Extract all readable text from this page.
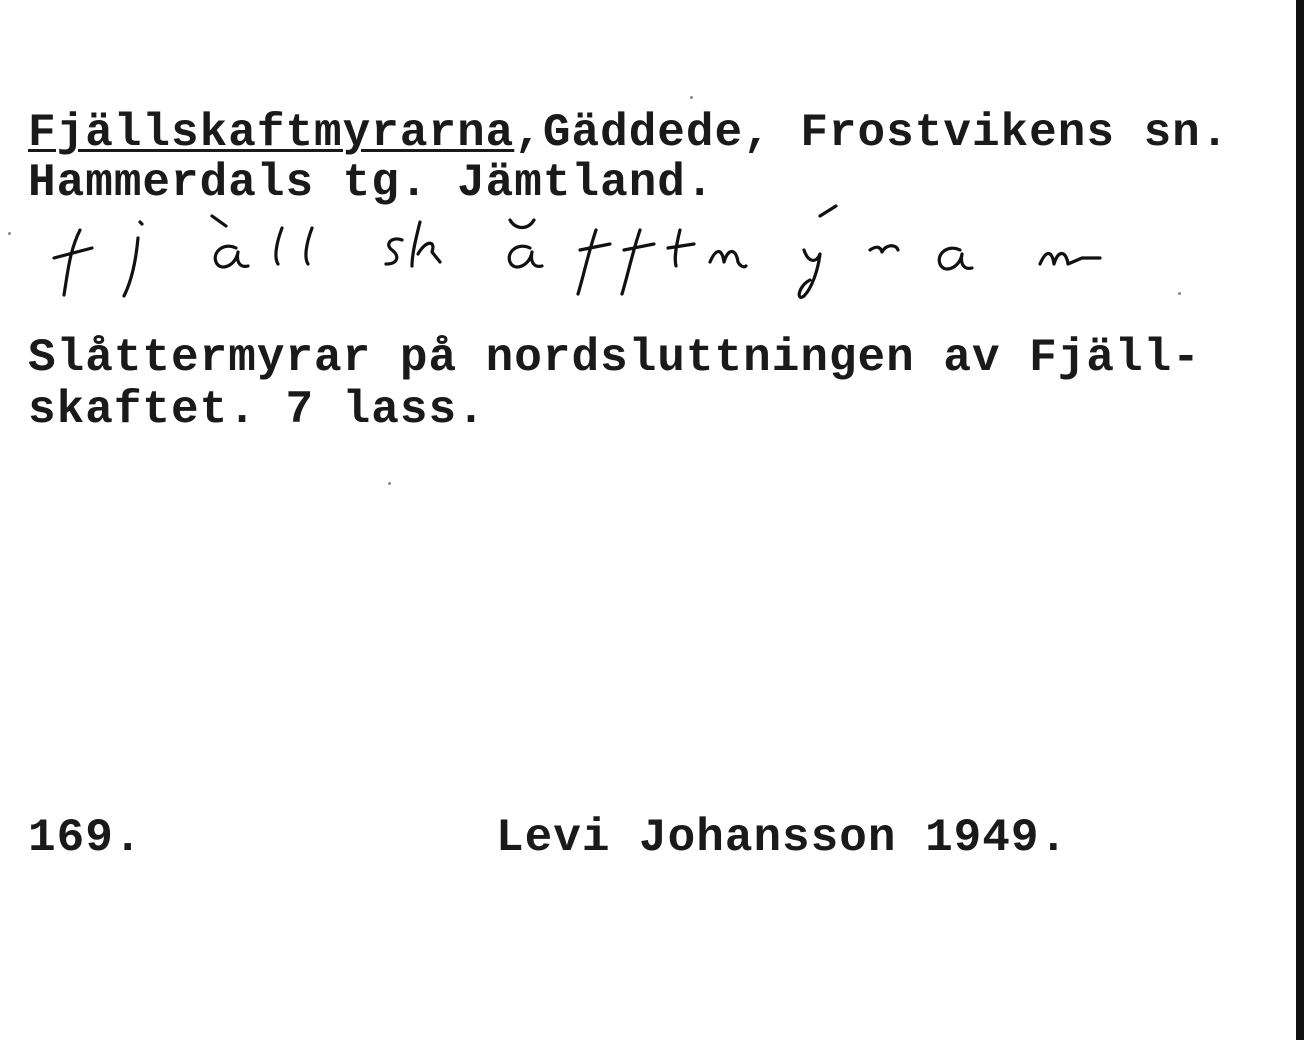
Fjällskaftmyrarna,Gäddede, Frostvikens sn.
Hammerdals tg. Jämtland.
Slåttermyrar på nordsluttningen av Fjäll-
skaftet. 7 lass.
169.	Levi Johansson 1949.
